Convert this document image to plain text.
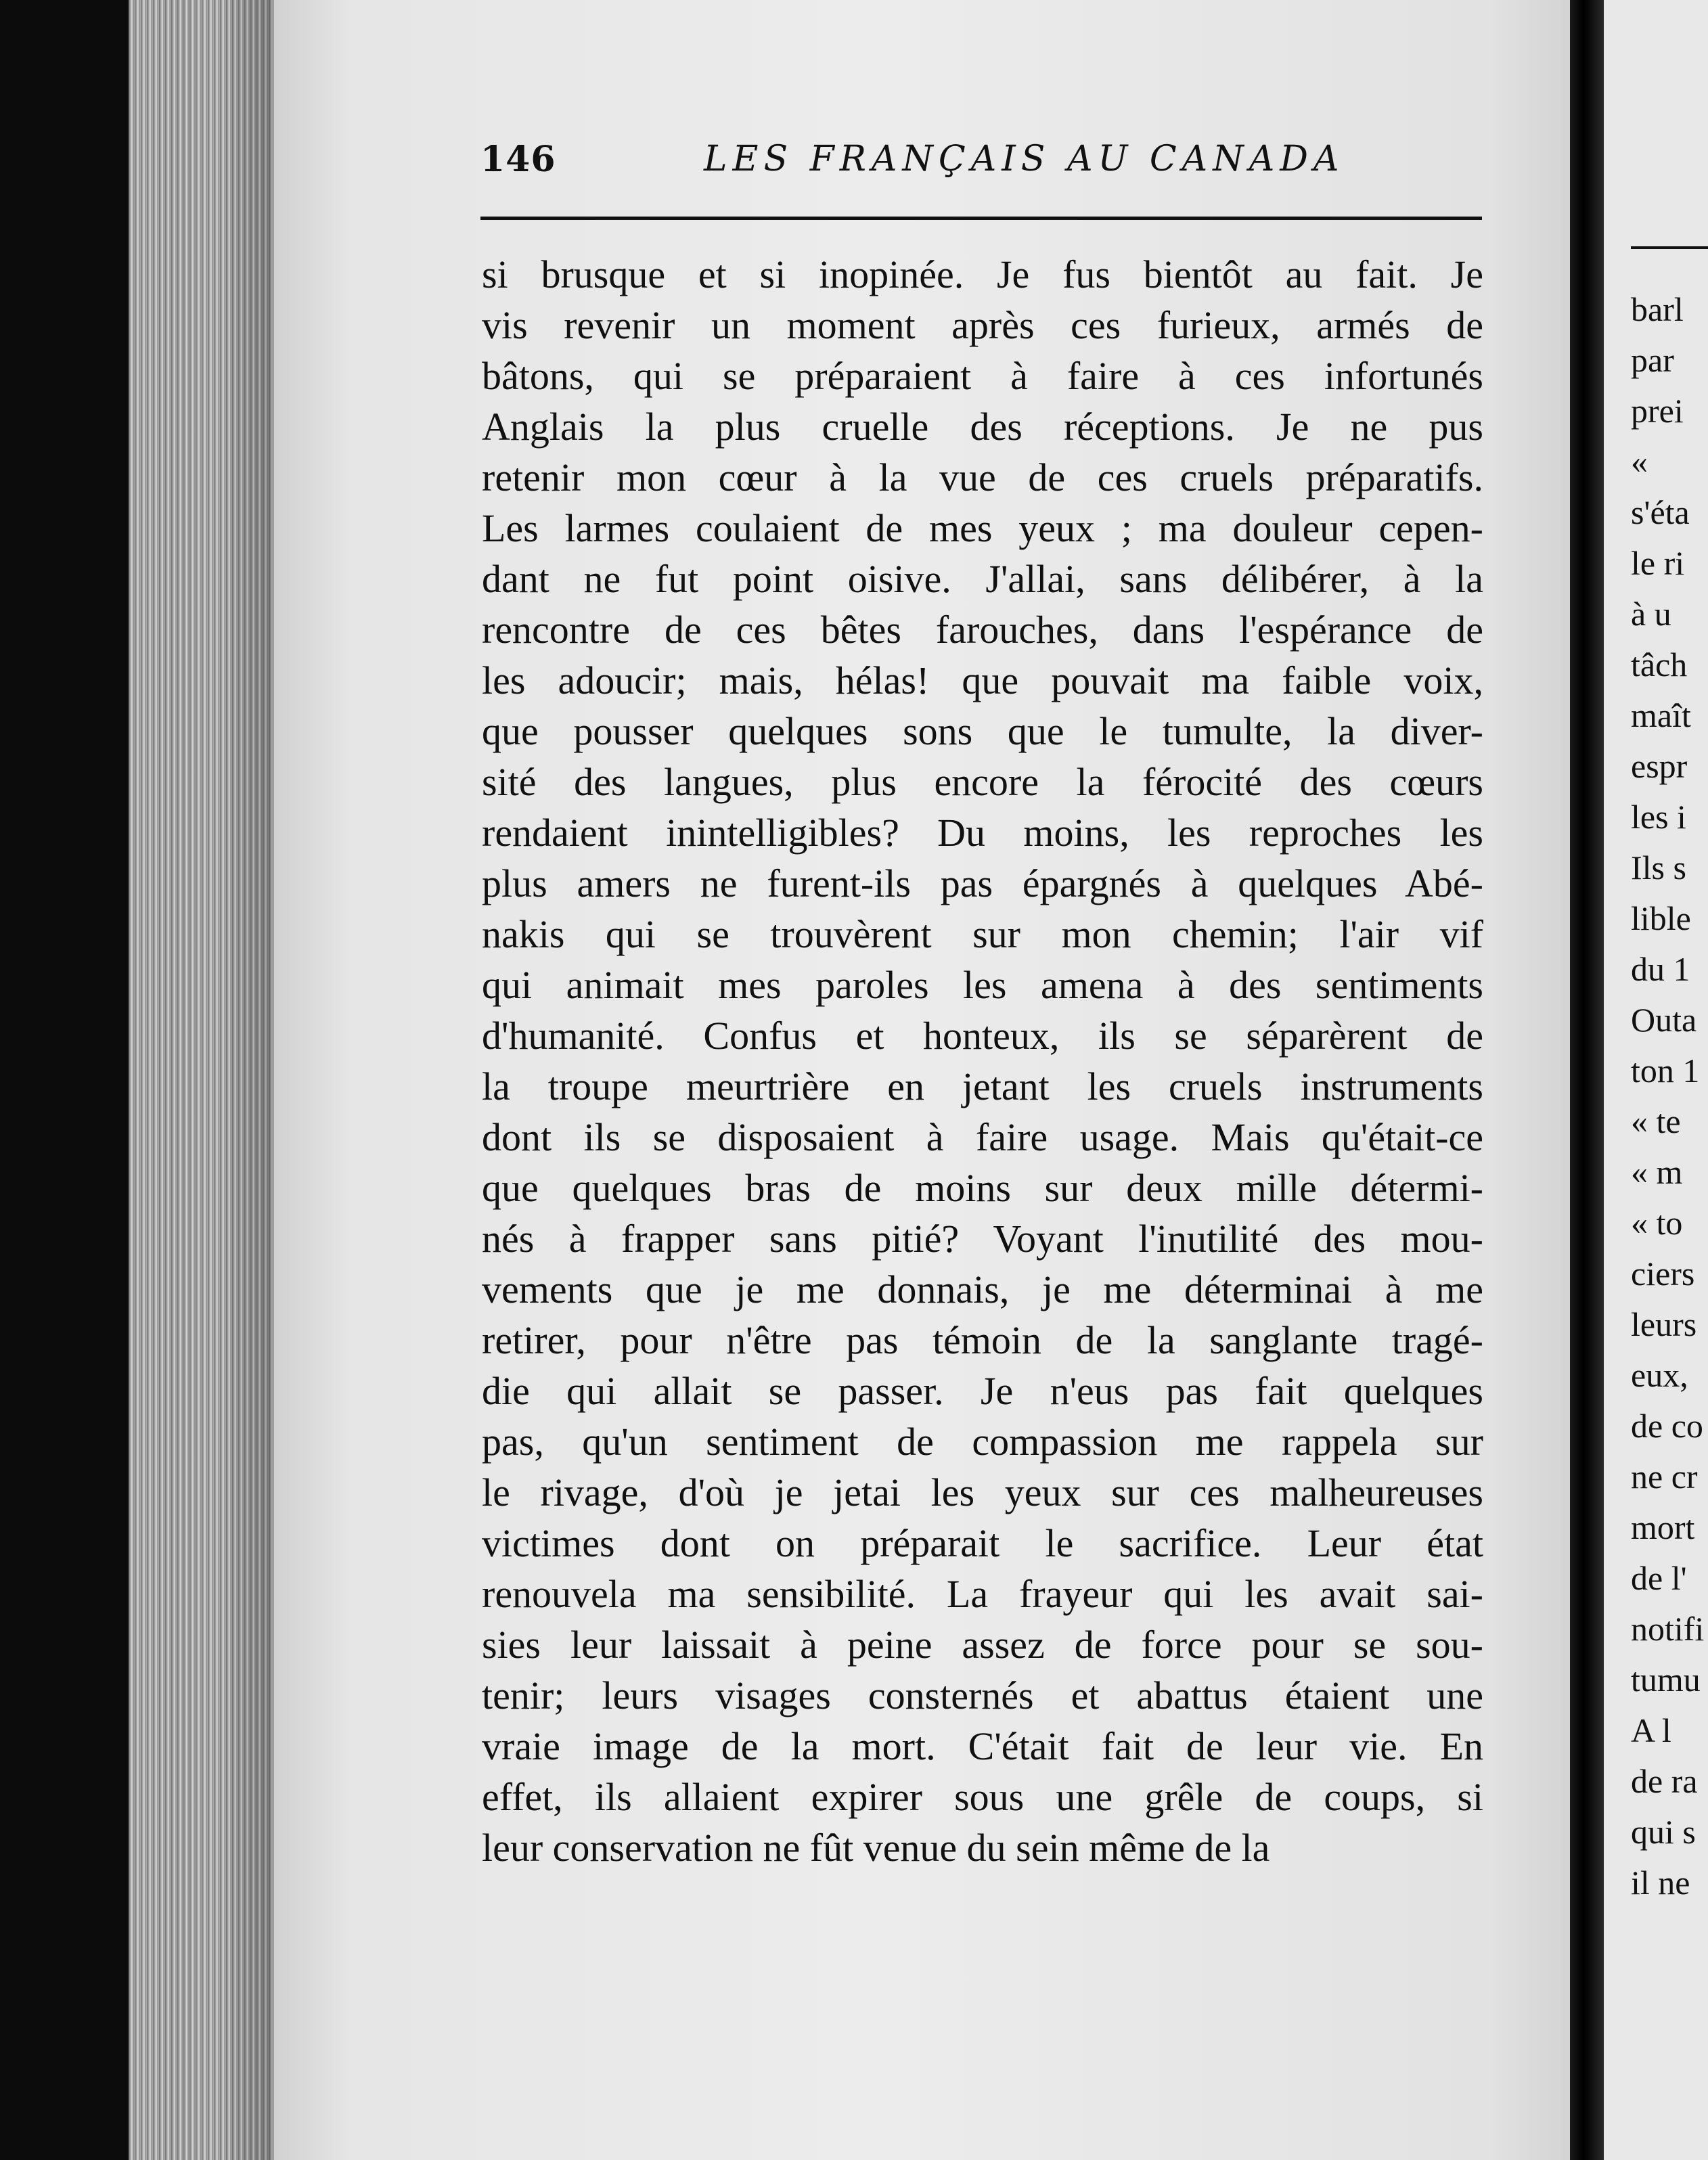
146	LES FRANÇAIS AU CANADA
si brusque et si inopinée. Je fus bientôt au fait. Je
vis revenir un moment après ces furieux, armés de
bâtons, qui se préparaient à faire à ces infortunés
Anglais la plus cruelle des réceptions. Je ne pus
retenir mon cœur à la vue de ces cruels préparatifs.
Les larmes coulaient de mes yeux ; ma douleur cepen-
dant ne fut point oisive. J'allai, sans délibérer, à la
rencontre de ces bêtes farouches, dans l'espérance de
les adoucir; mais, hélas! que pouvait ma faible voix,
que pousser quelques sons que le tumulte, la diver-
sité des langues, plus encore la férocité des cœurs
rendaient inintelligibles? Du moins, les reproches les
plus amers ne furent-ils pas épargnés à quelques Abé-
nakis qui se trouvèrent sur mon chemin; l'air vif
qui animait mes paroles les amena à des sentiments
d'humanité. Confus et honteux, ils se séparèrent de
la troupe meurtrière en jetant les cruels instruments
dont ils se disposaient à faire usage. Mais qu'était-ce
que quelques bras de moins sur deux mille détermi-
nés à frapper sans pitié? Voyant l'inutilité des mou-
vements que je me donnais, je me déterminai à me
retirer, pour n'être pas témoin de la sanglante tragé-
die qui allait se passer. Je n'eus pas fait quelques
pas, qu'un sentiment de compassion me rappela sur
le rivage, d'où je jetai les yeux sur ces malheureuses
victimes dont on préparait le sacrifice. Leur état
renouvela ma sensibilité. La frayeur qui les avait sai-
sies leur laissait à peine assez de force pour se sou-
tenir; leurs visages consternés et abattus étaient une
vraie image de la mort. C'était fait de leur vie. En
effet, ils allaient expirer sous une grêle de coups, si
leur conservation ne fût venue du sein même de la
barl
par
prei
«
s'éta
le ri
à u
tâch
maît
espr
les i
Ils s
lible
du 1
Outa
ton 1
« te
« m
« to
ciers
leurs
eux,
de co
ne cr
mort
de l'
notifi
tumu
A l
de ra
qui s
il ne
